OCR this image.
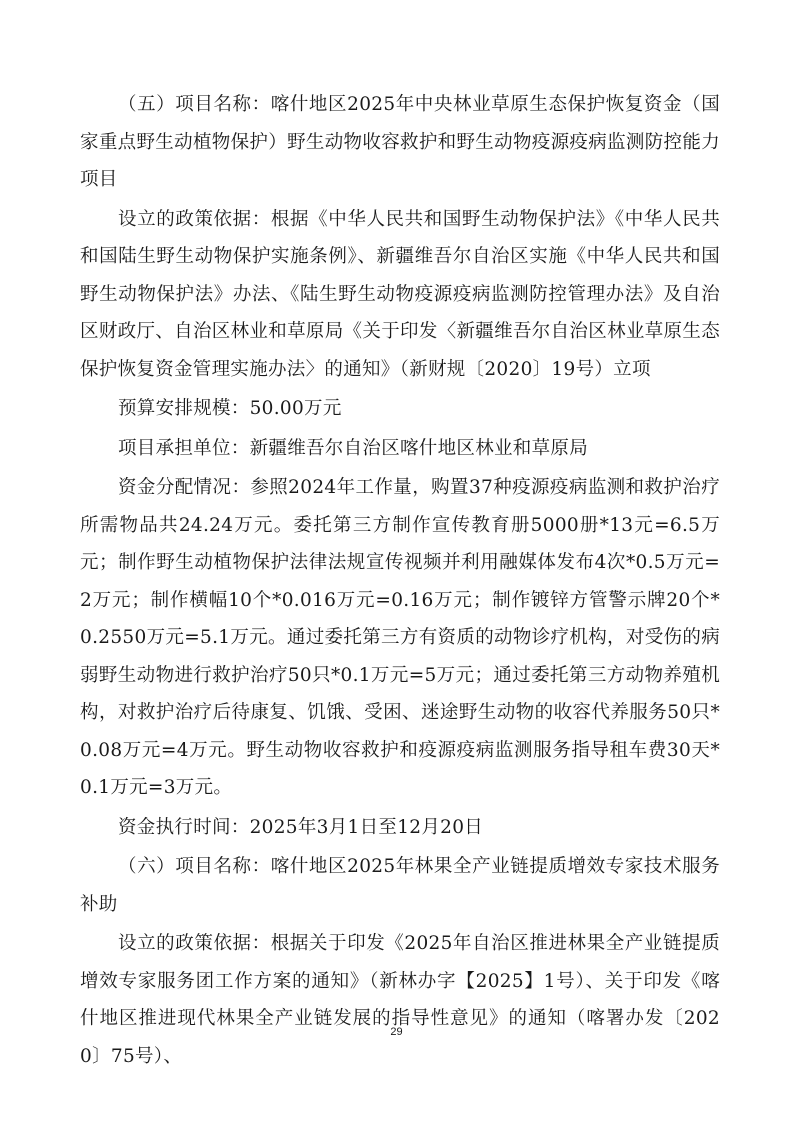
（五）项目名称：喀什地区2025年中央林业草原生态保护恢复资金（国家重点野生动植物保护）野生动物收容救护和野生动物疫源疫病监测防控能力项目

设立的政策依据：根据《中华人民共和国野生动物保护法》《中华人民共和国陆生野生动物保护实施条例》、新疆维吾尔自治区实施《中华人民共和国野生动物保护法》办法、《陆生野生动物疫源疫病监测防控管理办法》及自治区财政厅、自治区林业和草原局《关于印发〈新疆维吾尔自治区林业草原生态保护恢复资金管理实施办法〉的通知》（新财规〔2020〕19号）立项

预算安排规模：50.00万元

项目承担单位：新疆维吾尔自治区喀什地区林业和草原局

资金分配情况：参照2024年工作量，购置37种疫源疫病监测和救护治疗所需物品共24.24万元。委托第三方制作宣传教育册5000册*13元=6.5万元；制作野生动植物保护法律法规宣传视频并利用融媒体发布4次*0.5万元=2万元；制作横幅10个*0.016万元=0.16万元；制作镀锌方管警示牌20个*0.2550万元=5.1万元。通过委托第三方有资质的动物诊疗机构，对受伤的病弱野生动物进行救护治疗50只*0.1万元=5万元；通过委托第三方动物养殖机构，对救护治疗后待康复、饥饿、受困、迷途野生动物的收容代养服务50只*0.08万元=4万元。野生动物收容救护和疫源疫病监测服务指导租车费30天*0.1万元=3万元。

资金执行时间：2025年3月1日至12月20日

（六）项目名称：喀什地区2025年林果全产业链提质增效专家技术服务补助

设立的政策依据：根据关于印发《2025年自治区推进林果全产业链提质增效专家服务团工作方案的通知》（新林办字【2025】1号）、关于印发《喀什地区推进现代林果全产业链发展的指导性意见》的通知（喀署办发〔2020〕75号）、

29
